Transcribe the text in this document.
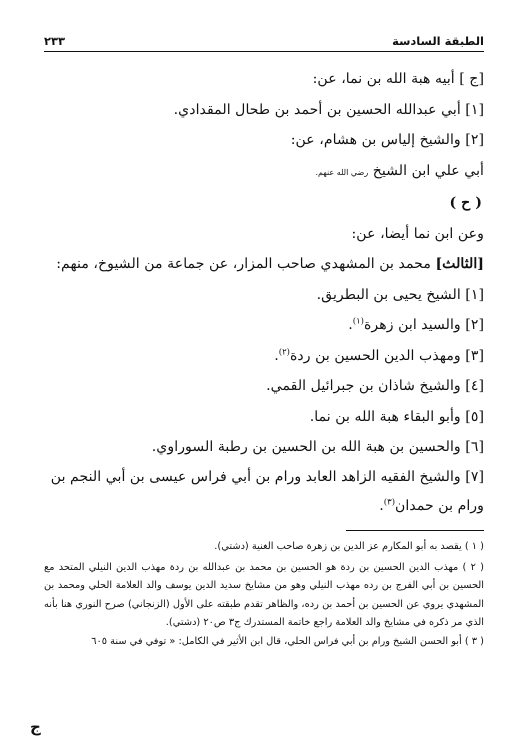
الطبقة السادسة
٢٣٣
[ج ] أبيه هبة الله بن نما، عن:
[١] أبي عبدالله الحسين بن أحمد بن طحال المقدادي.
[٢] والشيخ إلياس بن هشام، عن:
أبي علي ابن الشيخ رضي الله عنهم.
( ح )
وعن ابن نما أيضا، عن:
[الثالث] محمد بن المشهدي صاحب المزار، عن جماعة من الشيوخ، منهم:
[١] الشيخ يحيى بن البطريق.
[٢] والسيد ابن زهرة$^{(١)}$.
[٣] ومهذب الدين الحسين بن ردة$^{(٢)}$.
[٤] والشيخ شاذان بن جبرائيل القمي.
[٥] وأبو البقاء هبة الله بن نما.
[٦] والحسين بن هبة الله بن الحسين بن رطبة السوراوي.
[٧] والشيخ الفقيه الزاهد العابد ورام بن أبي فراس عيسى بن أبي النجم بن ورام بن حمدان$^{(٣)}$.

( ١ ) يقصد به أبو المكارم عز الدين بن زهرة صاحب الغنية (دشتي).

( ٢ ) مهذب الدين الحسين بن ردة هو الحسين بن محمد بن عبدالله بن ردة مهذب الدين النيلي المتحد مع الحسين بن أبي الفرج بن رده مهذب النيلي وهو من مشايخ سديد الدين يوسف والد العلامة الحلي ومحمد بن المشهدي يروي عن الحسين بن أحمد بن رده، والظاهر تقدم طبقته على الأول (الزنجاني) صرح النوري هنا بأنه الذي مر ذكره في مشايخ والد العلامة راجع خاتمة المستدرك ج٣ ص٢٠ (دشتي).

( ٣ ) أبو الحسن الشيخ ورام بن أبي فراس الحلي، قال ابن الأثير في الكامل: « توفي في سنة ٦٠٥

ج
